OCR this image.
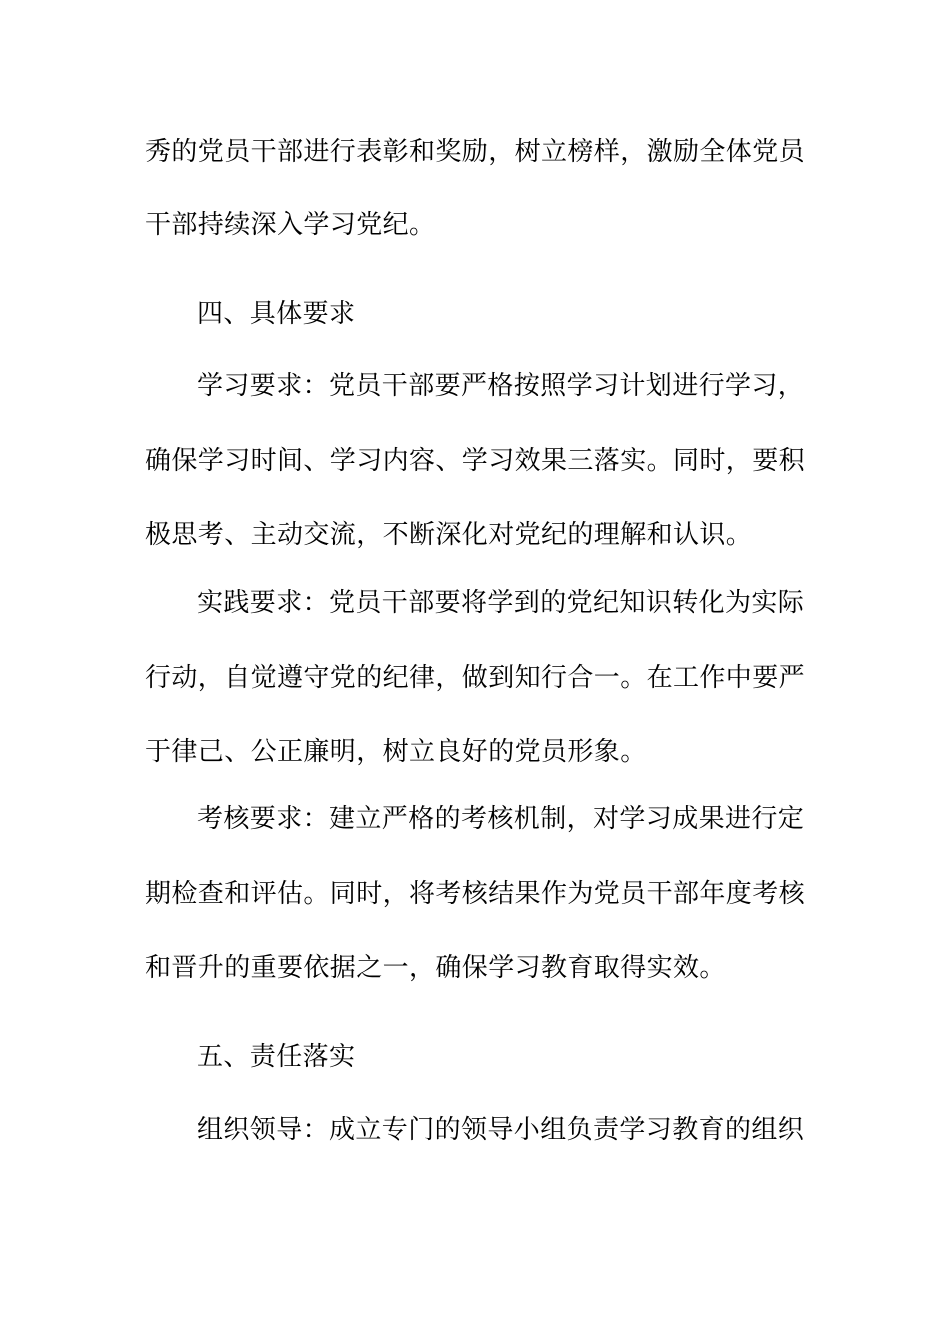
秀的党员干部进行表彰和奖励，树立榜样，激励全体党员
干部持续深入学习党纪。
四、具体要求
学习要求：党员干部要严格按照学习计划进行学习，
确保学习时间、学习内容、学习效果三落实。同时，要积
极思考、主动交流，不断深化对党纪的理解和认识。
实践要求：党员干部要将学到的党纪知识转化为实际
行动，自觉遵守党的纪律，做到知行合一。在工作中要严
于律己、公正廉明，树立良好的党员形象。
考核要求：建立严格的考核机制，对学习成果进行定
期检查和评估。同时，将考核结果作为党员干部年度考核
和晋升的重要依据之一，确保学习教育取得实效。
五、责任落实
组织领导：成立专门的领导小组负责学习教育的组织
